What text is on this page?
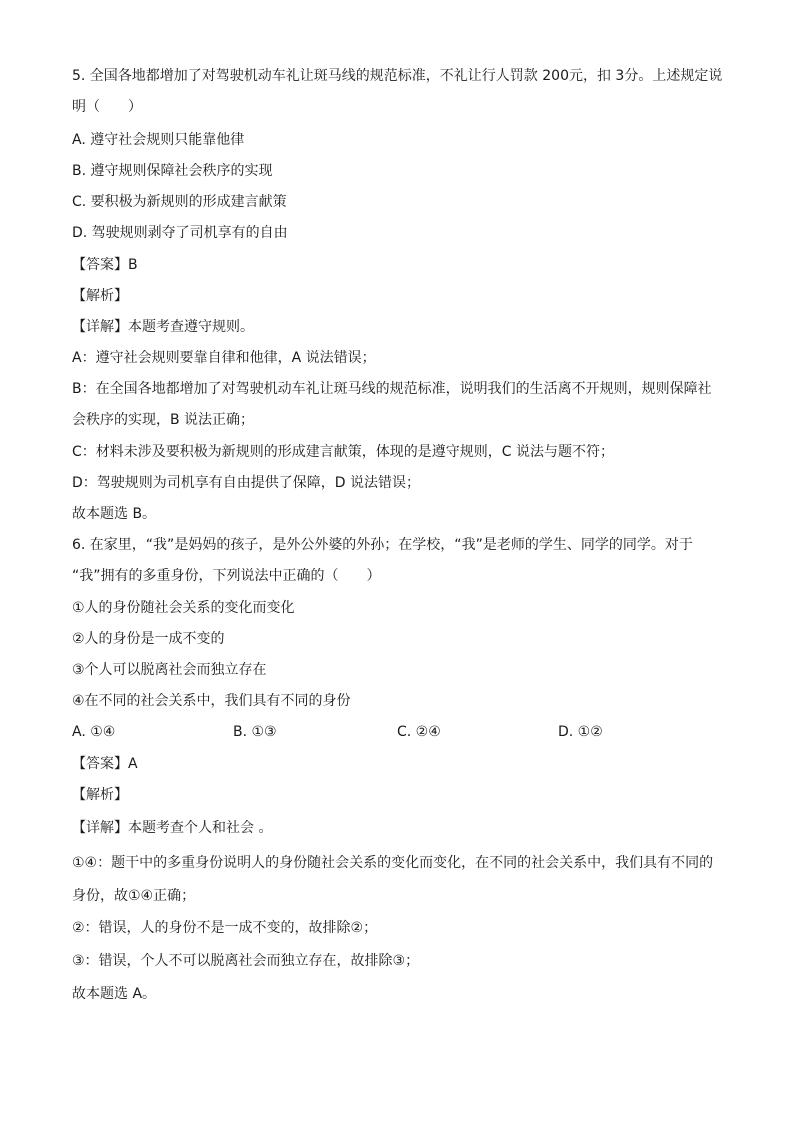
5. 全国各地都增加了对驾驶机动车礼让斑马线的规范标准，不礼让行人罚款 200元，扣 3分。上述规定说
明（　　）
A. 遵守社会规则只能靠他律
B. 遵守规则保障社会秩序的实现
C. 要积极为新规则的形成建言献策
D. 驾驶规则剥夺了司机享有的自由
【答案】B
【解析】
【详解】本题考查遵守规则。
A：遵守社会规则要靠自律和他律，A 说法错误；
B：在全国各地都增加了对驾驶机动车礼让斑马线的规范标准，说明我们的生活离不开规则，规则保障社
会秩序的实现，B 说法正确；
C：材料未涉及要积极为新规则的形成建言献策，体现的是遵守规则，C 说法与题不符；
D：驾驶规则为司机享有自由提供了保障，D 说法错误；
故本题选 B。
6. 在家里，“我”是妈妈的孩子，是外公外婆的外孙；在学校，“我”是老师的学生、同学的同学。对于
“我”拥有的多重身份，下列说法中正确的（　　）
①人的身份随社会关系的变化而变化
②人的身份是一成不变的
③个人可以脱离社会而独立存在
④在不同的社会关系中，我们具有不同的身份
A. ①④	B. ①③	C. ②④	D. ①②
【答案】A
【解析】
【详解】本题考查个人和社会 。
①④：题干中的多重身份说明人的身份随社会关系的变化而变化，在不同的社会关系中，我们具有不同的
身份，故①④正确；
②：错误，人的身份不是一成不变的，故排除②；
③：错误，个人不可以脱离社会而独立存在，故排除③；
故本题选 A。
